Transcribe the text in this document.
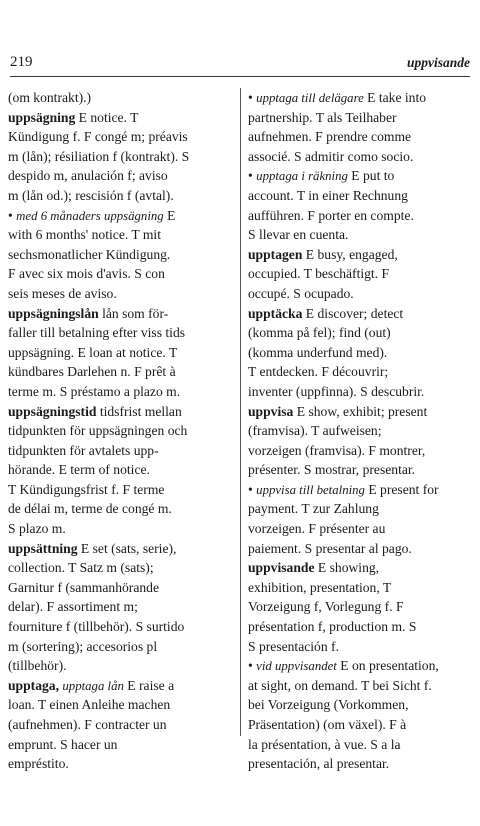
219	uppvisande
(om kontrakt).)
uppsägning E notice. T
Kündigung f. F congé m; préavis
m (lån); résiliation f (kontrakt). S
despido m, anulación f; aviso
m (lån od.); rescisión f (avtal).
• med 6 månaders uppsägning E
with 6 months' notice. T mit
sechsmonatlicher Kündigung.
F avec six mois d'avis. S con
seis meses de aviso.
uppsägningslån lån som för-
faller till betalning efter viss tids
uppsägning. E loan at notice. T
kündbares Darlehen n. F prêt à
terme m. S préstamo a plazo m.
uppsägningstid tidsfrist mellan
tidpunkten för uppsägningen och
tidpunkten för avtalets upp-
hörande. E term of notice.
T Kündigungsfrist f. F terme
de délai m, terme de congé m.
S plazo m.
uppsättning E set (sats, serie),
collection. T Satz m (sats);
Garnitur f (sammanhörande
delar). F assortiment m;
fourniture f (tillbehör). S surtido
m (sortering); accesorios pl
(tillbehör).
upptaga, upptaga lån E raise a
loan. T einen Anleihe machen
(aufnehmen). F contracter un
emprunt. S hacer un
empréstito.
• upptaga till delägare E take into
partnership. T als Teilhaber
aufnehmen. F prendre comme
associé. S admitir como socio.
• upptaga i räkning E put to
account. T in einer Rechnung
aufführen. F porter en compte.
S llevar en cuenta.
upptagen E busy, engaged,
occupied. T beschäftigt. F
occupé. S ocupado.
upptäcka E discover; detect
(komma på fel); find (out)
(komma underfund med).
T entdecken. F découvrir;
inventer (uppfinna). S descubrir.
uppvisa E show, exhibit; present
(framvisa). T aufweisen;
vorzeigen (framvisa). F montrer,
présenter. S mostrar, presentar.
• uppvisa till betalning E present for
payment. T zur Zahlung
vorzeigen. F présenter au
paiement. S presentar al pago.
uppvisande E showing,
exhibition, presentation, T
Vorzeigung f, Vorlegung f. F
présentation f, production m. S
S presentación f.
• vid uppvisandet E on presentation,
at sight, on demand. T bei Sicht f.
bei Vorzeigung (Vorkommen,
Präsentation) (om växel). F à
la présentation, à vue. S a la
presentación, al presentar.
